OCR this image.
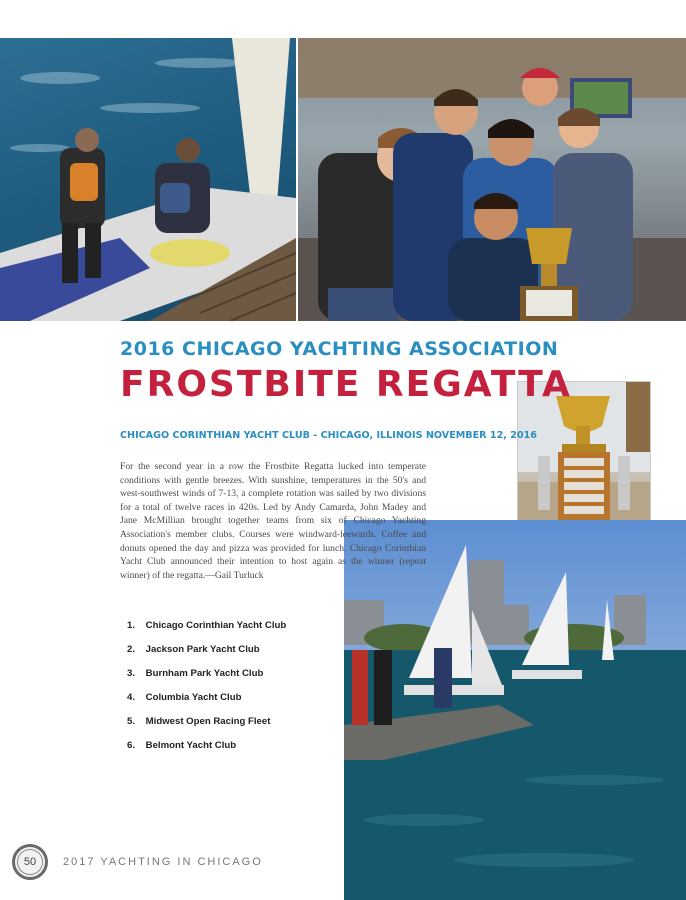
2016 CHICAGO YACHTING ASSOCIATION
FROSTBITE REGATTA
CHICAGO CORINTHIAN YACHT CLUB - CHICAGO, ILLINOIS NOVEMBER 12, 2016
For the second year in a row the Frostbite Regatta lucked into temperate conditions with gentle breezes. With sunshine, temperatures in the 50's and west-southwest winds of 7-13, a complete rotation was sailed by two divisions for a total of twelve races in 420s. Led by Andy Camarda, John Madey and Jane McMillian brought together teams from six of Chicago Yachting Association's member clubs. Courses were windward-leewards. Coffee and donuts opened the day and pizza was provided for lunch. Chicago Corinthian Yacht Club announced their intention to host again as the winner (repeat winner) of the regatta.—Gail Turluck
1. Chicago Corinthian Yacht Club
2. Jackson Park Yacht Club
3. Burnham Park Yacht Club
4. Columbia Yacht Club
5. Midwest Open Racing Fleet
6. Belmont Yacht Club
50 2017 YACHTING IN CHICAGO
